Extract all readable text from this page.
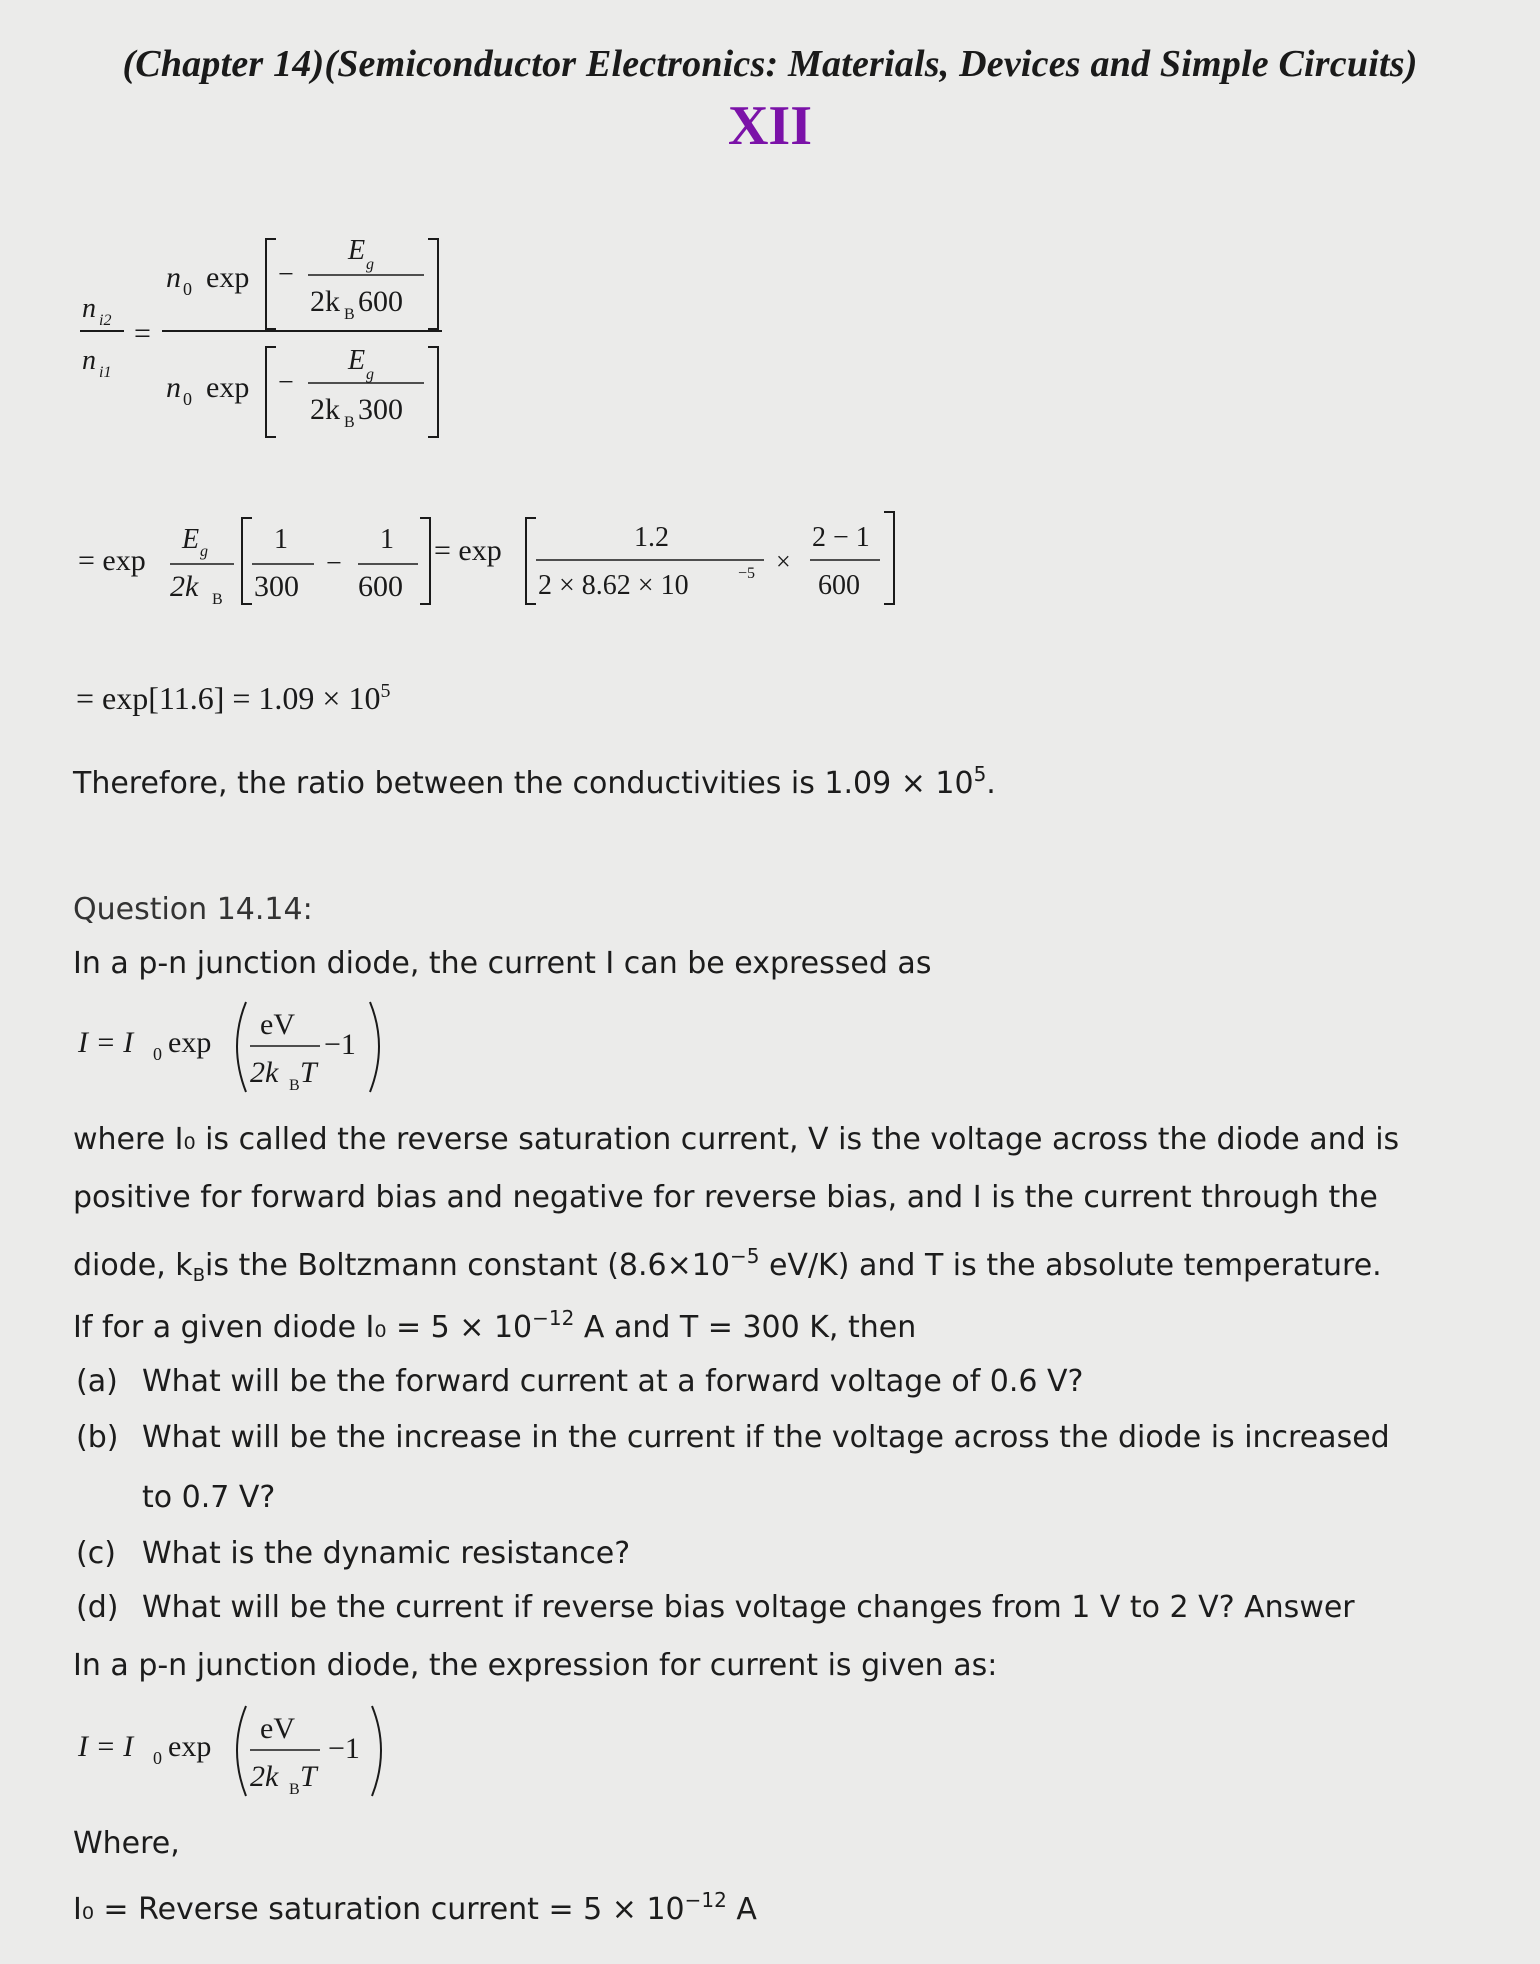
(Chapter 14)(Semiconductor Electronics: Materials, Devices and Simple Circuits)
XII
n i2
n i1
=
n 0 exp −
E g
2k B 600
n 0 exp −
E g
2k B 300
= exp
E g
2k B
1
300
−
1
600
= exp	1.2
2 × 8.62 × 10	−5 ×
2 − 1
600
= $\exp[11.6] = 1.09 \times 10^5$
Therefore, the ratio between the conductivities is $1.09 \times 10^5$.
Question 14.14:
In a p-n junction diode, the current I can be expressed as
I = I 0 exp
eV
2k B T
−1
where I₀ is called the reverse saturation current, V is the voltage across the diode and is
positive for forward bias and negative for reverse bias, and I is the current through the
diode, $k_Bis$ the Boltzmann constant ($8.6\times 10^{-5}$ eV/K) and T is the absolute temperature.
If for a given diode $I_0 = 5 \times 10^{-12}$ A and T = 300 K, then
(a) What will be the forward current at a forward voltage of 0.6 V?
(b) What will be the increase in the current if the voltage across the diode is increased
to 0.7 V?
(c) What is the dynamic resistance?
(d) What will be the current if reverse bias voltage changes from 1 V to 2 V? Answer
In a p-n junction diode, the expression for current is given as:
I = I 0 exp
eV
2k B T
−1
Where,
I₀ = Reverse saturation current = $5 \times 10^{-12}$ A
